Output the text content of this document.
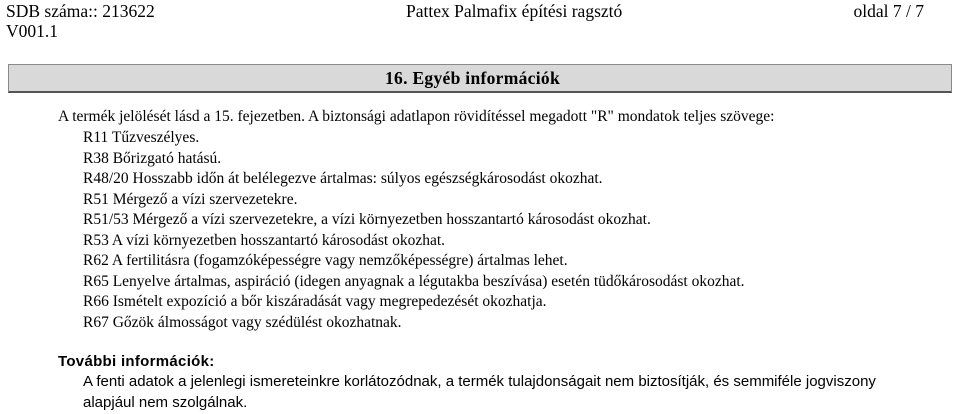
SDB száma:: 213622
V001.1
Pattex Palmafix építési ragsztó	oldal 7 / 7
16. Egyéb információk
A termék jelölését lásd a 15. fejezetben. A biztonsági adatlapon rövidítéssel megadott "R" mondatok teljes szövege:
R11 Tűzveszélyes.
R38 Bőrizgató hatású.
R48/20 Hosszabb időn át belélegezve ártalmas: súlyos egészségkárosodást okozhat.
R51 Mérgező a vízi szervezetekre.
R51/53 Mérgező a vízi szervezetekre, a vízi környezetben hosszantartó károsodást okozhat.
R53 A vízi környezetben hosszantartó károsodást okozhat.
R62 A fertilitásra (fogamzóképességre vagy nemzőképességre) ártalmas lehet.
R65 Lenyelve ártalmas, aspiráció (idegen anyagnak a légutakba beszívása) esetén tüdőkárosodást okozhat.
R66 Ismételt expozíció a bőr kiszáradását vagy megrepedezését okozhatja.
R67 Gőzök álmosságot vagy szédülést okozhatnak.
További információk:
A fenti adatok a jelenlegi ismereteinkre korlátozódnak, a termék tulajdonságait nem biztosítják, és semmiféle jogviszony alapjául nem szolgálnak.
